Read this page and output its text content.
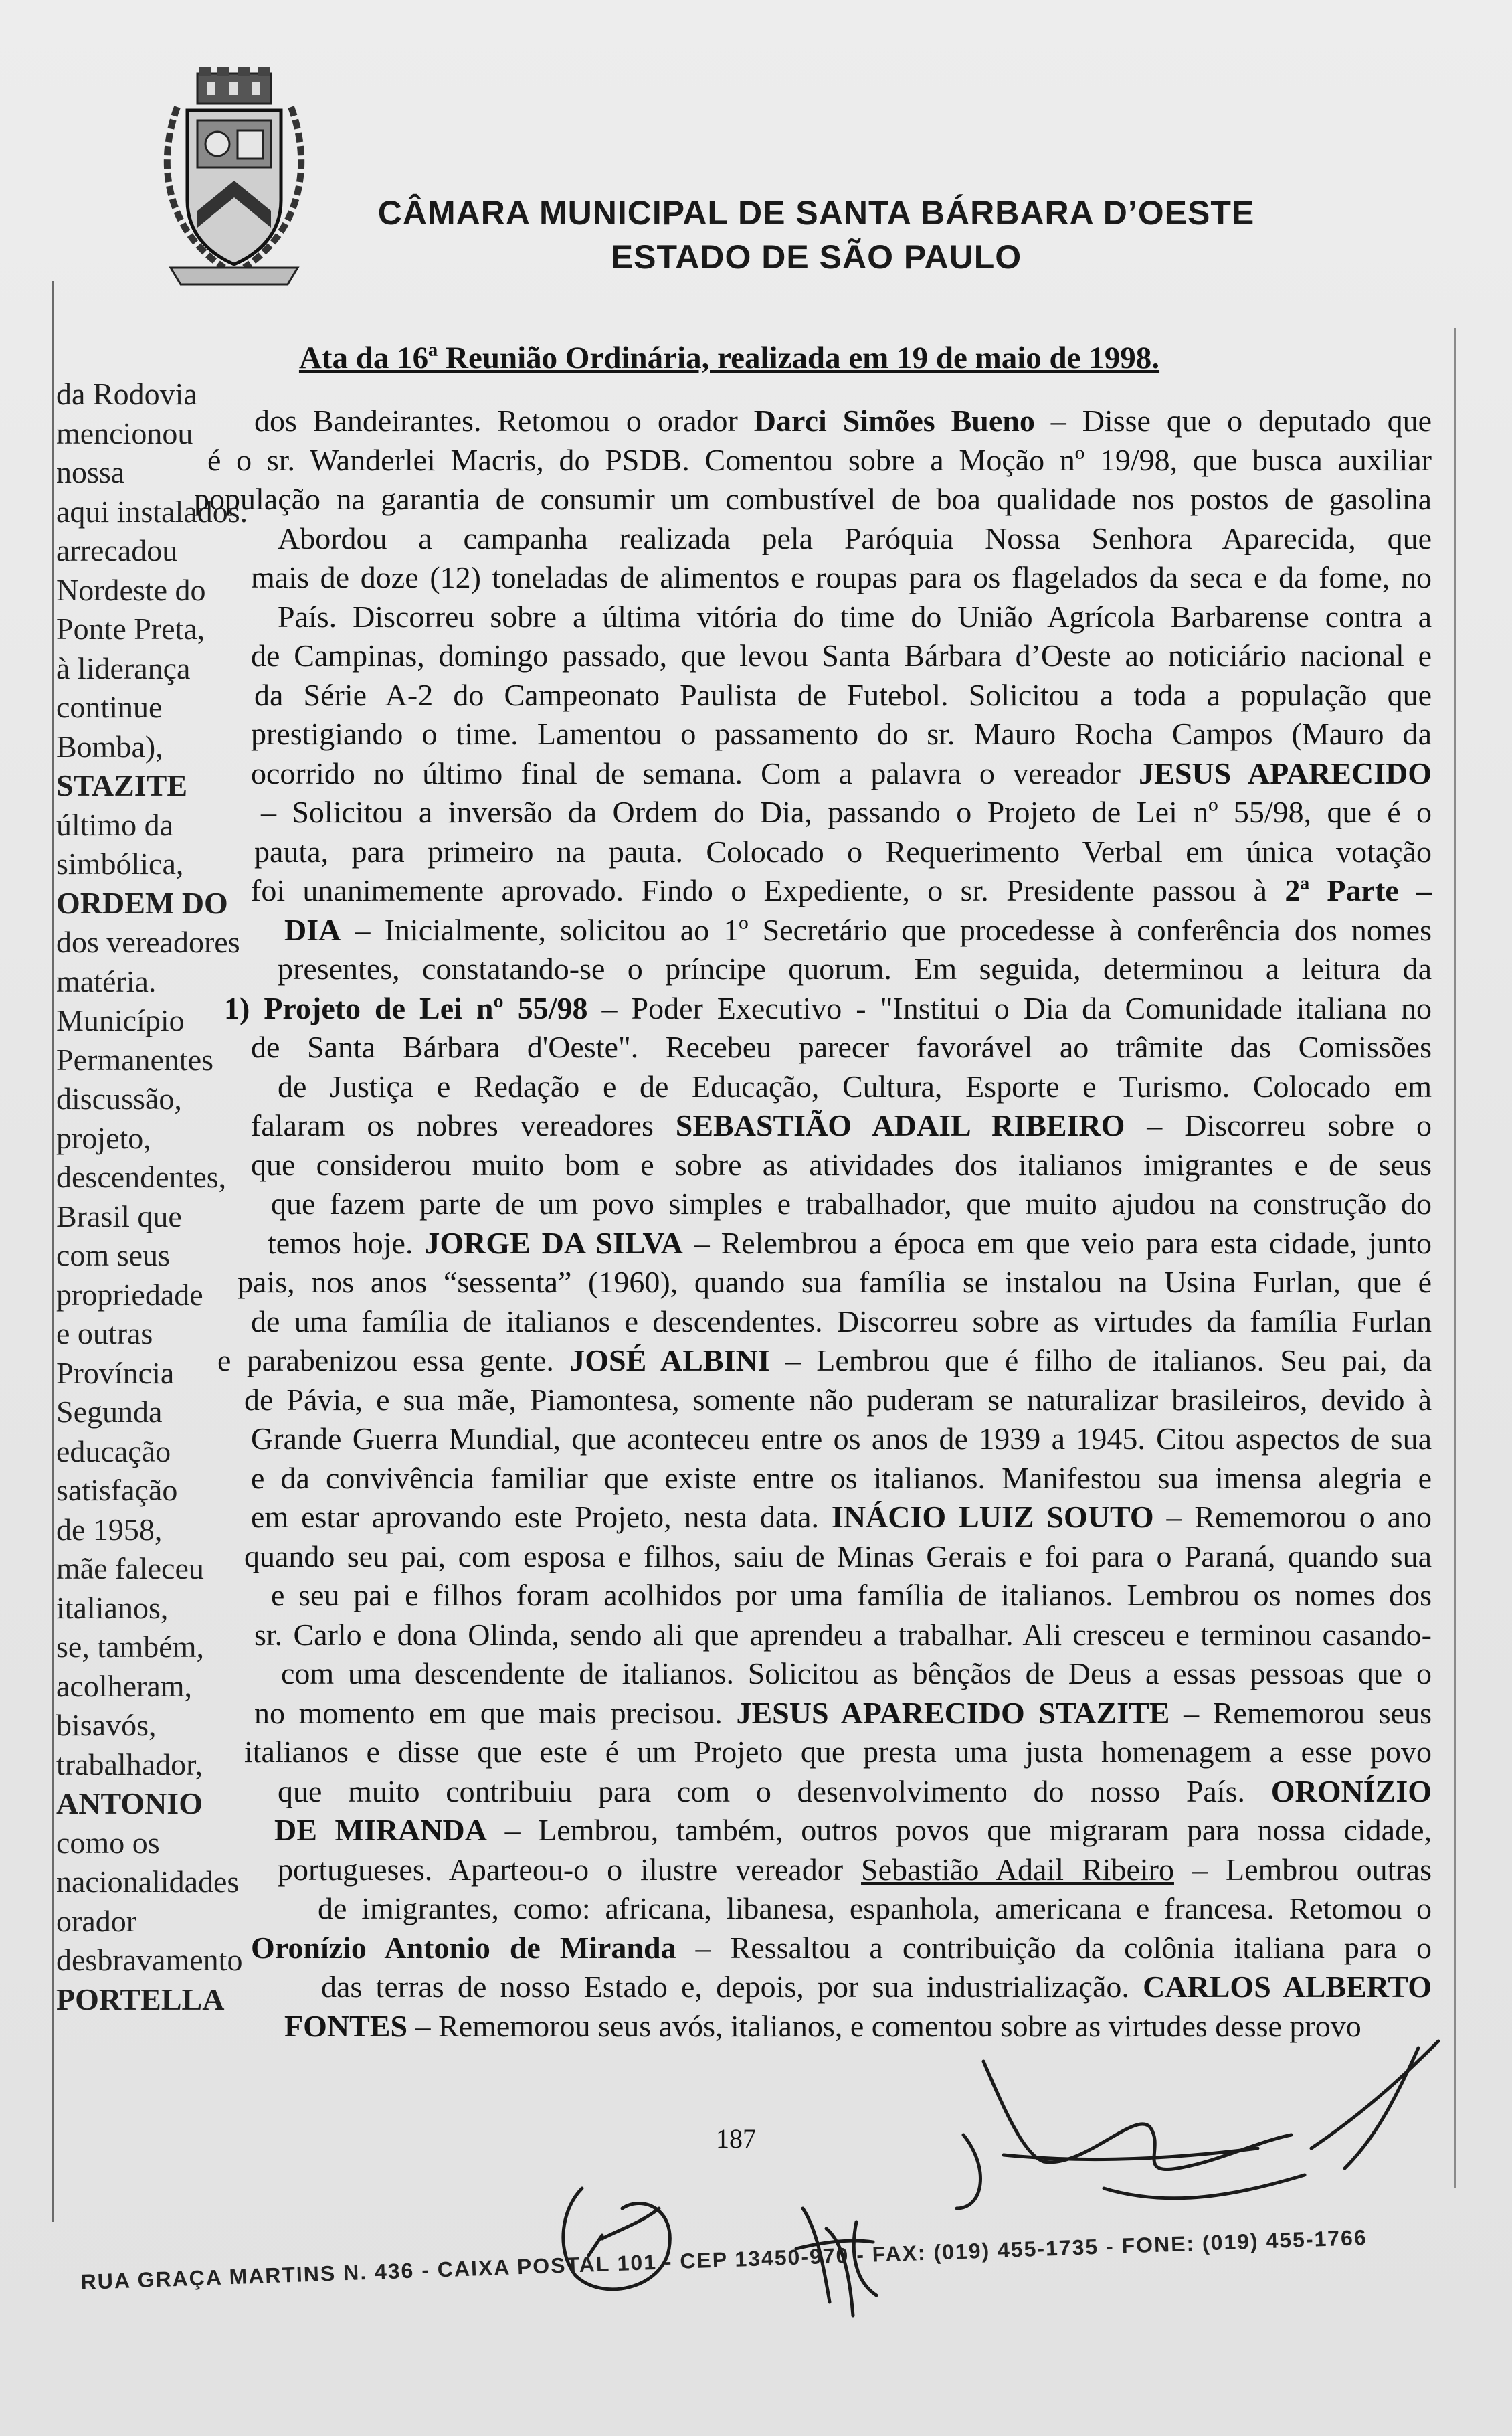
CÂMARA MUNICIPAL DE SANTA BÁRBARA D’OESTE
ESTADO DE SÃO PAULO
Ata da 16ª Reunião Ordinária, realizada em 19 de maio de 1998.
da Rodovia
mencionou
nossa
aqui instalados.
arrecadou
Nordeste do
Ponte Preta,
à liderança
continue
Bomba),
STAZITE
último da
simbólica,
ORDEM DO
dos vereadores
matéria.
Município
Permanentes
discussão,
projeto,
descendentes,
Brasil que
com seus
propriedade
e outras
Província
Segunda
educação
satisfação
de 1958,
mãe faleceu
italianos,
se, também,
acolheram,
bisavós,
trabalhador,
ANTONIO
como os
nacionalidades
orador
desbravamento
PORTELLA
dos Bandeirantes. Retomou o orador Darci Simões Bueno – Disse que o deputado que
é o sr. Wanderlei Macris, do PSDB. Comentou sobre a Moção nº 19/98, que busca auxiliar
população na garantia de consumir um combustível de boa qualidade nos postos de gasolina
Abordou a campanha realizada pela Paróquia Nossa Senhora Aparecida, que
mais de doze (12) toneladas de alimentos e roupas para os flagelados da seca e da fome, no
País. Discorreu sobre a última vitória do time do União Agrícola Barbarense contra a
de Campinas, domingo passado, que levou Santa Bárbara d’Oeste ao noticiário nacional e
da Série A-2 do Campeonato Paulista de Futebol. Solicitou a toda a população que
prestigiando o time. Lamentou o passamento do sr. Mauro Rocha Campos (Mauro da
ocorrido no último final de semana. Com a palavra o vereador JESUS APARECIDO
– Solicitou a inversão da Ordem do Dia, passando o Projeto de Lei nº 55/98, que é o
pauta, para primeiro na pauta. Colocado o Requerimento Verbal em única votação
foi unanimemente aprovado. Findo o Expediente, o sr. Presidente passou à 2ª Parte –
DIA – Inicialmente, solicitou ao 1º Secretário que procedesse à conferência dos nomes
presentes, constatando-se o príncipe quorum. Em seguida, determinou a leitura da
1) Projeto de Lei nº 55/98 – Poder Executivo - "Institui o Dia da Comunidade italiana no
de Santa Bárbara d'Oeste". Recebeu parecer favorável ao trâmite das Comissões
de Justiça e Redação e de Educação, Cultura, Esporte e Turismo. Colocado em
falaram os nobres vereadores SEBASTIÃO ADAIL RIBEIRO – Discorreu sobre o
que considerou muito bom e sobre as atividades dos italianos imigrantes e de seus
que fazem parte de um povo simples e trabalhador, que muito ajudou na construção do
temos hoje. JORGE DA SILVA – Relembrou a época em que veio para esta cidade, junto
pais, nos anos “sessenta” (1960), quando sua família se instalou na Usina Furlan, que é
de uma família de italianos e descendentes. Discorreu sobre as virtudes da família Furlan
e parabenizou essa gente. JOSÉ ALBINI – Lembrou que é filho de italianos. Seu pai, da
de Pávia, e sua mãe, Piamontesa, somente não puderam se naturalizar brasileiros, devido à
Grande Guerra Mundial, que aconteceu entre os anos de 1939 a 1945. Citou aspectos de sua
e da convivência familiar que existe entre os italianos. Manifestou sua imensa alegria e
em estar aprovando este Projeto, nesta data. INÁCIO LUIZ SOUTO – Rememorou o ano
quando seu pai, com esposa e filhos, saiu de Minas Gerais e foi para o Paraná, quando sua
e seu pai e filhos foram acolhidos por uma família de italianos. Lembrou os nomes dos
sr. Carlo e dona Olinda, sendo ali que aprendeu a trabalhar. Ali cresceu e terminou casando-
com uma descendente de italianos. Solicitou as bênçãos de Deus a essas pessoas que o
no momento em que mais precisou. JESUS APARECIDO STAZITE – Rememorou seus
italianos e disse que este é um Projeto que presta uma justa homenagem a esse povo
que muito contribuiu para com o desenvolvimento do nosso País. ORONÍZIO
DE MIRANDA – Lembrou, também, outros povos que migraram para nossa cidade,
portugueses. Aparteou-o o ilustre vereador Sebastião Adail Ribeiro – Lembrou outras
de imigrantes, como: africana, libanesa, espanhola, americana e francesa. Retomou o
Oronízio Antonio de Miranda – Ressaltou a contribuição da colônia italiana para o
das terras de nosso Estado e, depois, por sua industrialização. CARLOS ALBERTO
FONTES – Rememorou seus avós, italianos, e comentou sobre as virtudes desse provo
187
RUA GRAÇA MARTINS N. 436 - CAIXA POSTAL 101 - CEP 13450-970 - FAX: (019) 455-1735 - FONE: (019) 455-1766
